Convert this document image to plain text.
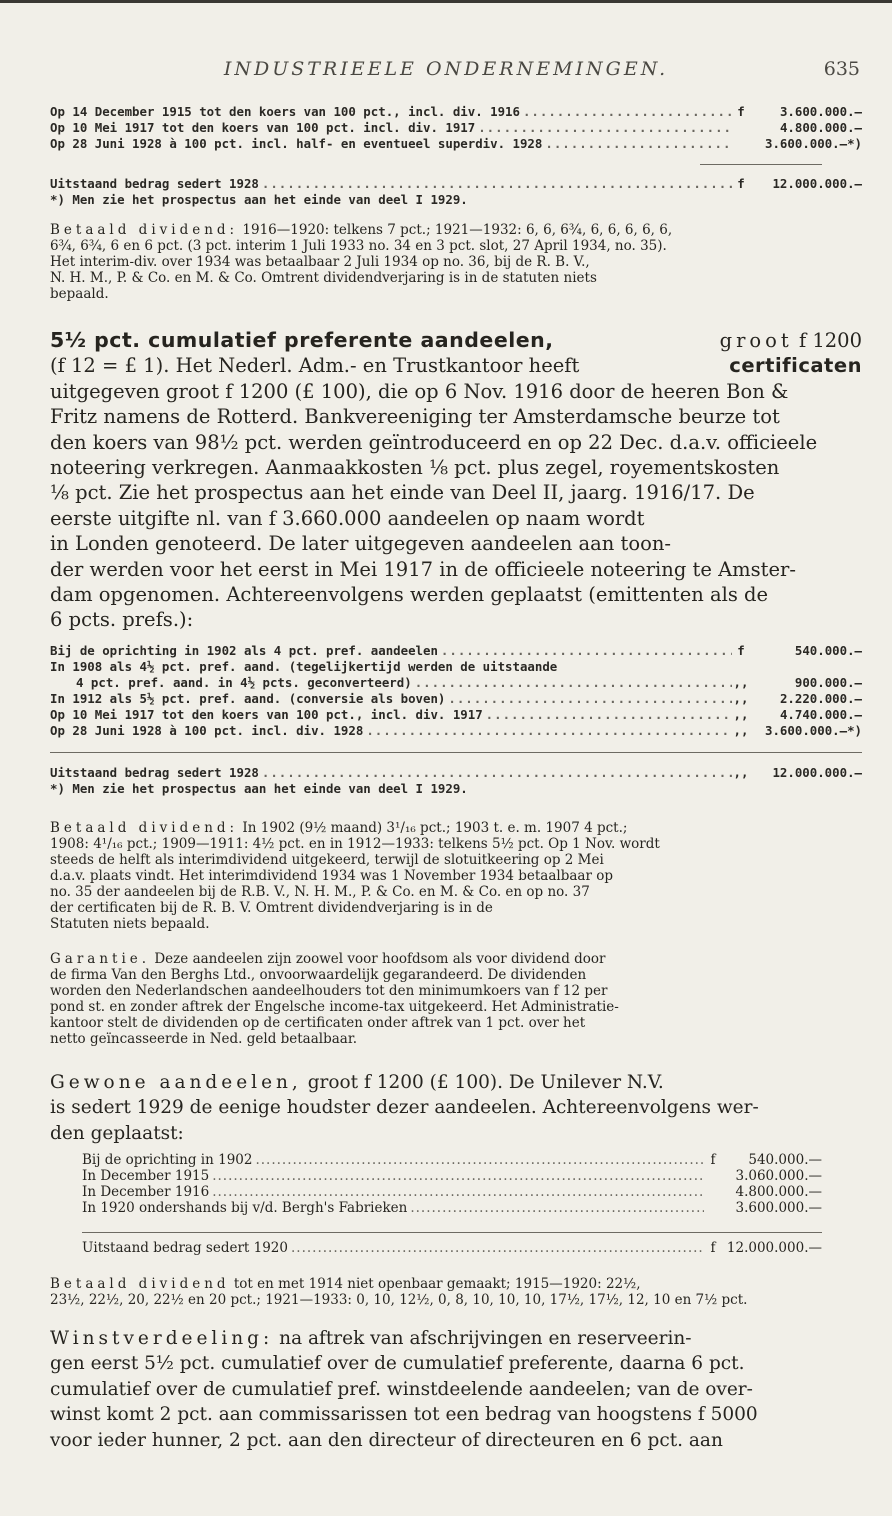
INDUSTRIEELE ONDERNEMINGEN.	635
Op 14 December 1915 tot den koers van 100 pct., incl. div. 1916 .....	f	3.600.000.—
Op 10 Mei 1917 tot den koers van 100 pct. incl. div. 1917 .....	4.800.000.—
Op 28 Juni 1928 à 100 pct. incl. half- en eventueel superdiv. 1928 .....	3.600.000.—*)
Uitstaand bedrag sedert 1928 .....	f	12.000.000.—
*) Men zie het prospectus aan het einde van deel I 1929.
Betaald dividend: 1916—1920: telkens 7 pct.; 1921—1932: 6, 6, 6¾, 6, 6, 6, 6, 6,
6¾, 6¾, 6 en 6 pct. (3 pct. interim 1 Juli 1933 no. 34 en 3 pct. slot, 27 April 1934, no. 35).
Het interim-div. over 1934 was betaalbaar 2 Juli 1934 op no. 36, bij de R. B. V.,
N. H. M., P. & Co. en M. & Co. Omtrent dividendverjaring is in de statuten niets
bepaald.
5½ pct. cumulatief preferente aandeelen,	groot f 1200
(f 12 = £ 1). Het Nederl. Adm.- en Trustkantoor heeft	certificaten
uitgegeven groot f 1200 (£ 100), die op 6 Nov. 1916 door de heeren Bon &
Fritz namens de Rotterd. Bankvereeniging ter Amsterdamsche beurze tot
den koers van 98½ pct. werden geïntroduceerd en op 22 Dec. d.a.v. officieele
noteering verkregen. Aanmaakkosten ⅛ pct. plus zegel, royementskosten
⅛ pct. Zie het prospectus aan het einde van Deel II, jaarg. 1916/17. De
eerste uitgifte nl. van f 3.660.000 aandeelen op naam wordt
in Londen genoteerd. De later uitgegeven aandeelen aan toon-
der werden voor het eerst in Mei 1917 in de officieele noteering te Amster-
dam opgenomen. Achtereenvolgens werden geplaatst (emittenten als de
6 pcts. prefs.):
Bij de oprichting in 1902 als 4 pct. pref. aandeelen .....	f	540.000.—
In 1908 als 4½ pct. pref. aand. (tegelijkertijd werden de uitstaande
4 pct. pref. aand. in 4½ pcts. geconverteerd) .....	,,	900.000.—
In 1912 als 5½ pct. pref. aand. (conversie als boven) .....	,,	2.220.000.—
Op 10 Mei 1917 tot den koers van 100 pct., incl. div. 1917 .....	,,	4.740.000.—
Op 28 Juni 1928 à 100 pct. incl. div. 1928 .....	,,	3.600.000.—*)
Uitstaand bedrag sedert 1928 .....	,,	12.000.000.—
*) Men zie het prospectus aan het einde van deel I 1929.
Betaald dividend: In 1902 (9½ maand) 3¹/₁₆ pct.; 1903 t. e. m. 1907 4 pct.;
1908: 4¹/₁₆ pct.; 1909—1911: 4½ pct. en in 1912—1933: telkens 5½ pct. Op 1 Nov. wordt
steeds de helft als interimdividend uitgekeerd, terwijl de slotuitkeering op 2 Mei
d.a.v. plaats vindt. Het interimdividend 1934 was 1 November 1934 betaalbaar op
no. 35 der aandeelen bij de R.B. V., N. H. M., P. & Co. en M. & Co. en op no. 37
der certificaten bij de R. B. V. Omtrent dividendverjaring is in de
Statuten niets bepaald.
Garantie. Deze aandeelen zijn zoowel voor hoofdsom als voor dividend door
de firma Van den Berghs Ltd., onvoorwaardelijk gegarandeerd. De dividenden
worden den Nederlandschen aandeelhouders tot den minimumkoers van f 12 per
pond st. en zonder aftrek der Engelsche income-tax uitgekeerd. Het Administratie-
kantoor stelt de dividenden op de certificaten onder aftrek van 1 pct. over het
netto geïncasseerde in Ned. geld betaalbaar.
Gewone aandeelen, groot f 1200 (£ 100). De Unilever N.V.
is sedert 1929 de eenige houdster dezer aandeelen. Achtereenvolgens wer-
den geplaatst:
Bij de oprichting in 1902 .....	f	540.000.—
In December 1915 .....	3.060.000.—
In December 1916 .....	4.800.000.—
In 1920 ondershands bij v/d. Bergh's Fabrieken .....	3.600.000.—
Uitstaand bedrag sedert 1920 .....	f 12.000.000.—
Betaald dividend tot en met 1914 niet openbaar gemaakt; 1915—1920: 22½,
23½, 22½, 20, 22½ en 20 pct.; 1921—1933: 0, 10, 12½, 0, 8, 10, 10, 10, 17½, 17½, 12, 10 en 7½ pct.
Winstverdeeling: na aftrek van afschrijvingen en reserveerin-
gen eerst 5½ pct. cumulatief over de cumulatief preferente, daarna 6 pct.
cumulatief over de cumulatief pref. winstdeelende aandeelen; van de over-
winst komt 2 pct. aan commissarissen tot een bedrag van hoogstens f 5000
voor ieder hunner, 2 pct. aan den directeur of directeuren en 6 pct. aan
